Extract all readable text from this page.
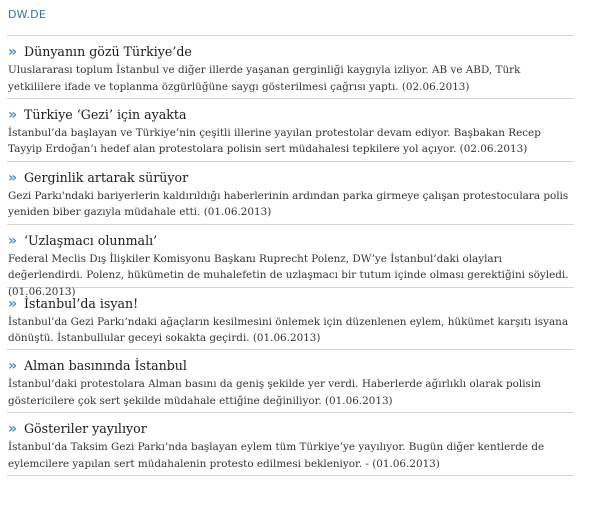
DW.DE
» Dünyanın gözü Türkiye’de
Uluslararası toplum İstanbul ve diğer illerde yaşanan gerginliği kaygıyla izliyor. AB ve ABD, Türk yetkililere ifade ve toplanma özgürlüğüne saygı gösterilmesi çağrısı yaptı. (02.06.2013)
» Türkiye ‘Gezi’ için ayakta
İstanbul’da başlayan ve Türkiye’nin çeşitli illerine yayılan protestolar devam ediyor. Başbakan Recep Tayyip Erdoğan’ı hedef alan protestolara polisin sert müdahalesi tepkilere yol açıyor. (02.06.2013)
» Gerginlik artarak sürüyor
Gezi Parkı'ndaki bariyerlerin kaldırıldığı haberlerinin ardından parka girmeye çalışan protestoculara polis yeniden biber gazıyla müdahale etti. (01.06.2013)
» ‘Uzlaşmacı olunmalı’
Federal Meclis Dış İlişkiler Komisyonu Başkanı Ruprecht Polenz, DW’ye İstanbul’daki olayları değerlendirdi. Polenz, hükümetin de muhalefetin de uzlaşmacı bir tutum içinde olması gerektiğini söyledi. (01.06.2013)
» İstanbul’da isyan!
İstanbul’da Gezi Parkı’ndaki ağaçların kesilmesini önlemek için düzenlenen eylem, hükümet karşıtı isyana dönüştü. İstanbullular geceyi sokakta geçirdi. (01.06.2013)
» Alman basınında İstanbul
İstanbul’daki protestolara Alman basını da geniş şekilde yer verdi. Haberlerde ağırlıklı olarak polisin göstericilere çok sert şekilde müdahale ettiğine değiniliyor. (01.06.2013)
» Gösteriler yayılıyor
İstanbul’da Taksim Gezi Parkı’nda başlayan eylem tüm Türkiye’ye yayılıyor. Bugün diğer kentlerde de eylemcilere yapılan sert müdahalenin protesto edilmesi bekleniyor. - (01.06.2013)
